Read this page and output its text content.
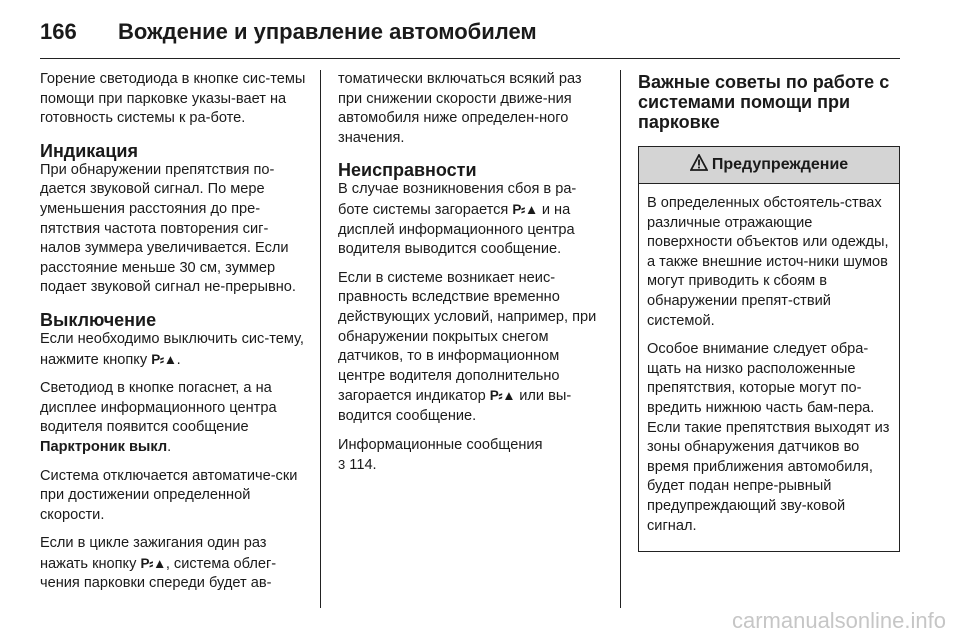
166	Вождение и управление автомобилем

Горение светодиода в кнопке сис-темы помощи при парковке указы-вает на готовность системы к ра-боте.

Индикация

При обнаружении препятствия по-дается звуковой сигнал. По мере уменьшения расстояния до пре-пятствия частота повторения сиг-налов зуммера увеличивается. Если расстояние меньше 30 см, зуммер подает звуковой сигнал не-прерывно.

Выключение

Если необходимо выключить сис-тему, нажмите кнопку P⸗▲.

Светодиод в кнопке погаснет, а на дисплее информационного центра водителя появится сообщение Парктроник выкл.

Система отключается автоматиче-ски при достижении определенной скорости.

Если в цикле зажигания один раз нажать кнопку P⸗▲, система облег-чения парковки спереди будет ав-

томатически включаться всякий раз при снижении скорости движе-ния автомобиля ниже определен-ного значения.

Неисправности

В случае возникновения сбоя в ра-боте системы загорается P⸗▲ и на дисплей информационного центра водителя выводится сообщение.

Если в системе возникает неис-правность вследствие временно действующих условий, например, при обнаружении покрытых снегом датчиков, то в информационном центре водителя дополнительно загорается индикатор P⸗▲ или вы-водится сообщение.

Информационные сообщения
3 114.

Важные советы по работе с системами помощи при парковке
Предупреждение

В определенных обстоятель-ствах различные отражающие поверхности объектов или одежды, а также внешние источ-ники шумов могут приводить к сбоям в обнаружении препят-ствий системой.

Особое внимание следует обра-щать на низко расположенные препятствия, которые могут по-вредить нижнюю часть бам-пера. Если такие препятствия выходят из зоны обнаружения датчиков во время приближения автомобиля, будет подан непре-рывный предупреждающий зву-ковой сигнал.

carmanualsonline.info
